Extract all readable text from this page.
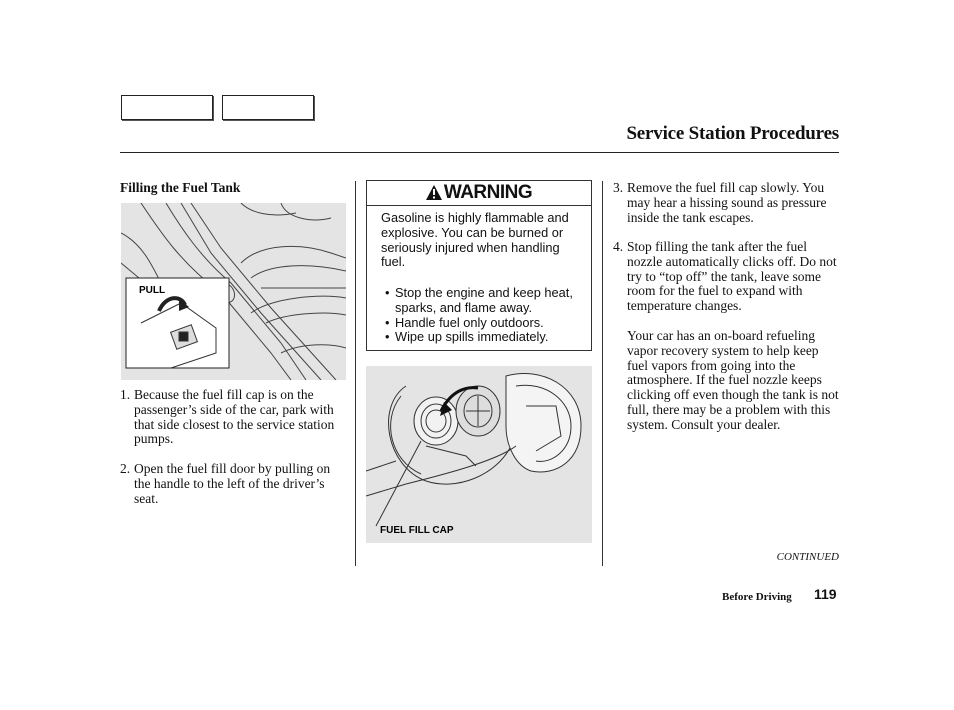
Service Station Procedures
Filling the Fuel Tank
PULL
1. Because the fuel fill cap is on the passenger’s side of the car, park with that side closest to the service station pumps.
2. Open the fuel fill door by pulling on the handle to the left of the driver’s seat.
WARNING
Gasoline is highly flammable and explosive. You can be burned or seriously injured when handling fuel.
• Stop the engine and keep heat, sparks, and flame away.
• Handle fuel only outdoors.
• Wipe up spills immediately.
FUEL FILL CAP
3. Remove the fuel fill cap slowly. You may hear a hissing sound as pressure inside the tank escapes.
4. Stop filling the tank after the fuel nozzle automatically clicks off. Do not try to “top off” the tank, leave some room for the fuel to expand with temperature changes.
Your car has an on-board refueling vapor recovery system to help keep fuel vapors from going into the atmosphere. If the fuel nozzle keeps clicking off even though the tank is not full, there may be a problem with this system. Consult your dealer.
CONTINUED
Before Driving 119
